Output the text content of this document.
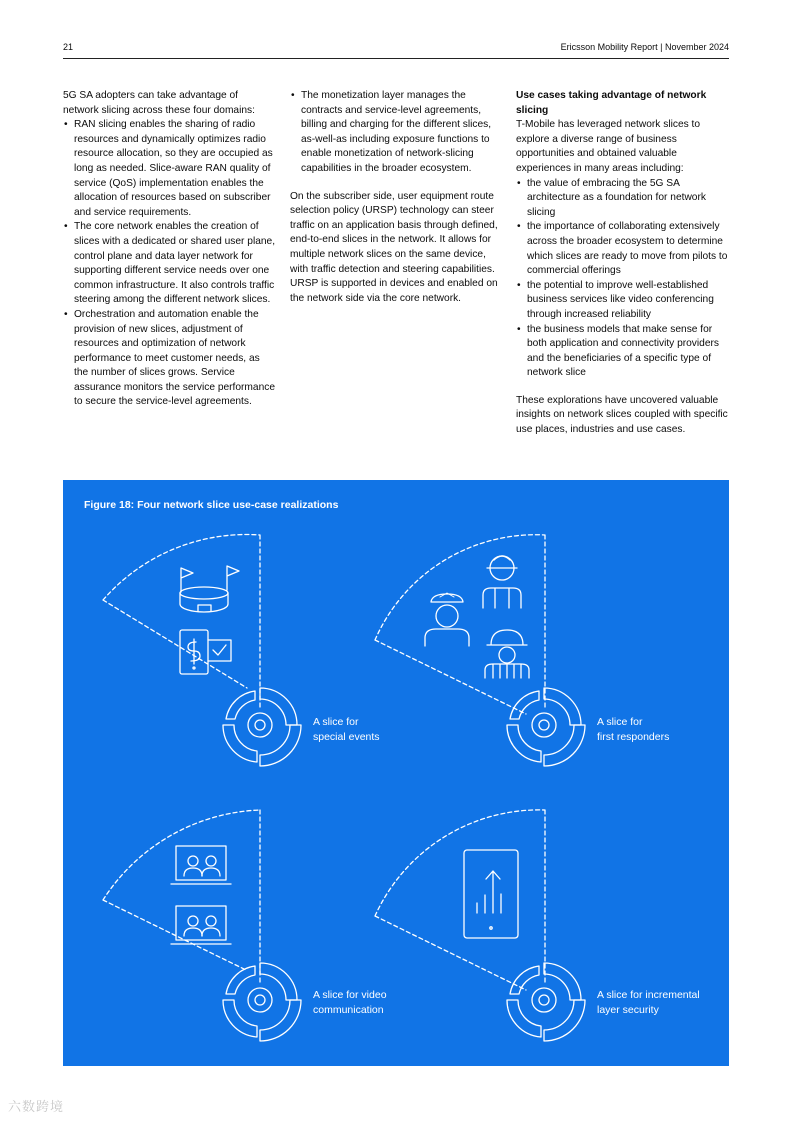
21	Ericsson Mobility Report | November 2024

5G SA adopters can take advantage of network slicing across these four domains:

• RAN slicing enables the sharing of radio resources and dynamically optimizes radio resource allocation, so they are occupied as long as needed. Slice-aware RAN quality of service (QoS) implementation enables the allocation of resources based on subscriber and service requirements.
• The core network enables the creation of slices with a dedicated or shared user plane, control plane and data layer network for supporting different service needs over one common infrastructure. It also controls traffic steering among the different network slices.
• Orchestration and automation enable the provision of new slices, adjustment of resources and optimization of network performance to meet customer needs, as the number of slices grows. Service assurance monitors the service performance to secure the service-level agreements.
• The monetization layer manages the contracts and service-level agreements, billing and charging for the different slices, as-well-as including exposure functions to enable monetization of network-slicing capabilities in the broader ecosystem.

On the subscriber side, user equipment route selection policy (URSP) technology can steer traffic on an application basis through defined, end-to-end slices in the network. It allows for multiple network slices on the same device, with traffic detection and steering capabilities. URSP is supported in devices and enabled on the network side via the core network.

Use cases taking advantage of network slicing

T-Mobile has leveraged network slices to explore a diverse range of business opportunities and obtained valuable experiences in many areas including:

• the value of embracing the 5G SA architecture as a foundation for network slicing
• the importance of collaborating extensively across the broader ecosystem to determine which slices are ready to move from pilots to commercial offerings
• the potential to improve well-established business services like video conferencing through increased reliability
• the business models that make sense for both application and connectivity providers and the beneficiaries of a specific type of network slice

These explorations have uncovered valuable insights on network slices coupled with specific use places, industries and use cases.

Figure 18: Four network slice use-case realizations
A slice for
special events
A slice for
first responders
A slice for video
communication
A slice for incremental
layer security
六数跨境
